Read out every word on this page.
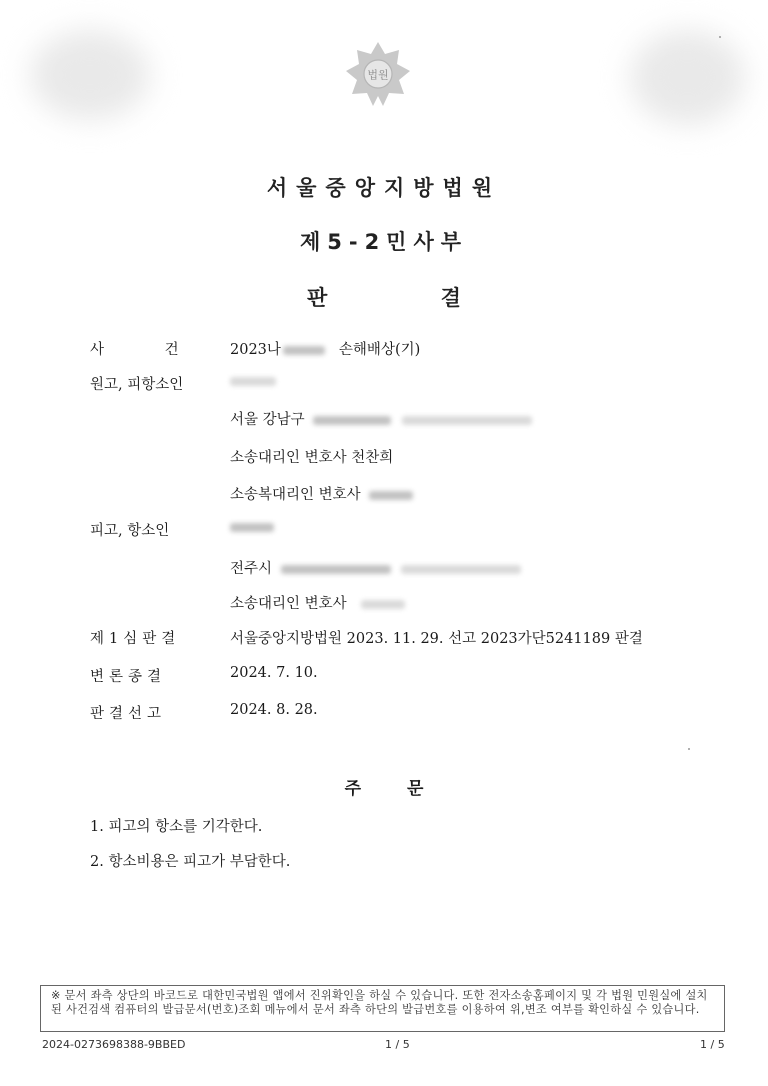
법원
서울중앙지방법원
제5-2민사부
판 결
사 건	2023나	손해배상(기)
원고, 피항소인
서울 강남구
소송대리인 변호사 천찬희
소송복대리인 변호사
피고, 항소인
전주시
소송대리인 변호사
제1심판결	서울중앙지방법원 2023. 11. 29. 선고 2023가단5241189 판결
변론종결	2024. 7. 10.
판결선고	2024. 8. 28.
주 문
1. 피고의 항소를 기각한다.
2. 항소비용은 피고가 부담한다.
※ 문서 좌측 상단의 바코드로 대한민국법원 앱에서 진위확인을 하실 수 있습니다. 또한 전자소송홈페이지 및 각 법원 민원실에 설치된 사건검색 컴퓨터의 발급문서(번호)조회 메뉴에서 문서 좌측 하단의 발급번호를 이용하여 위,변조 여부를 확인하실 수 있습니다.
2024-0273698388-9BBED	1 / 5	1 / 5
